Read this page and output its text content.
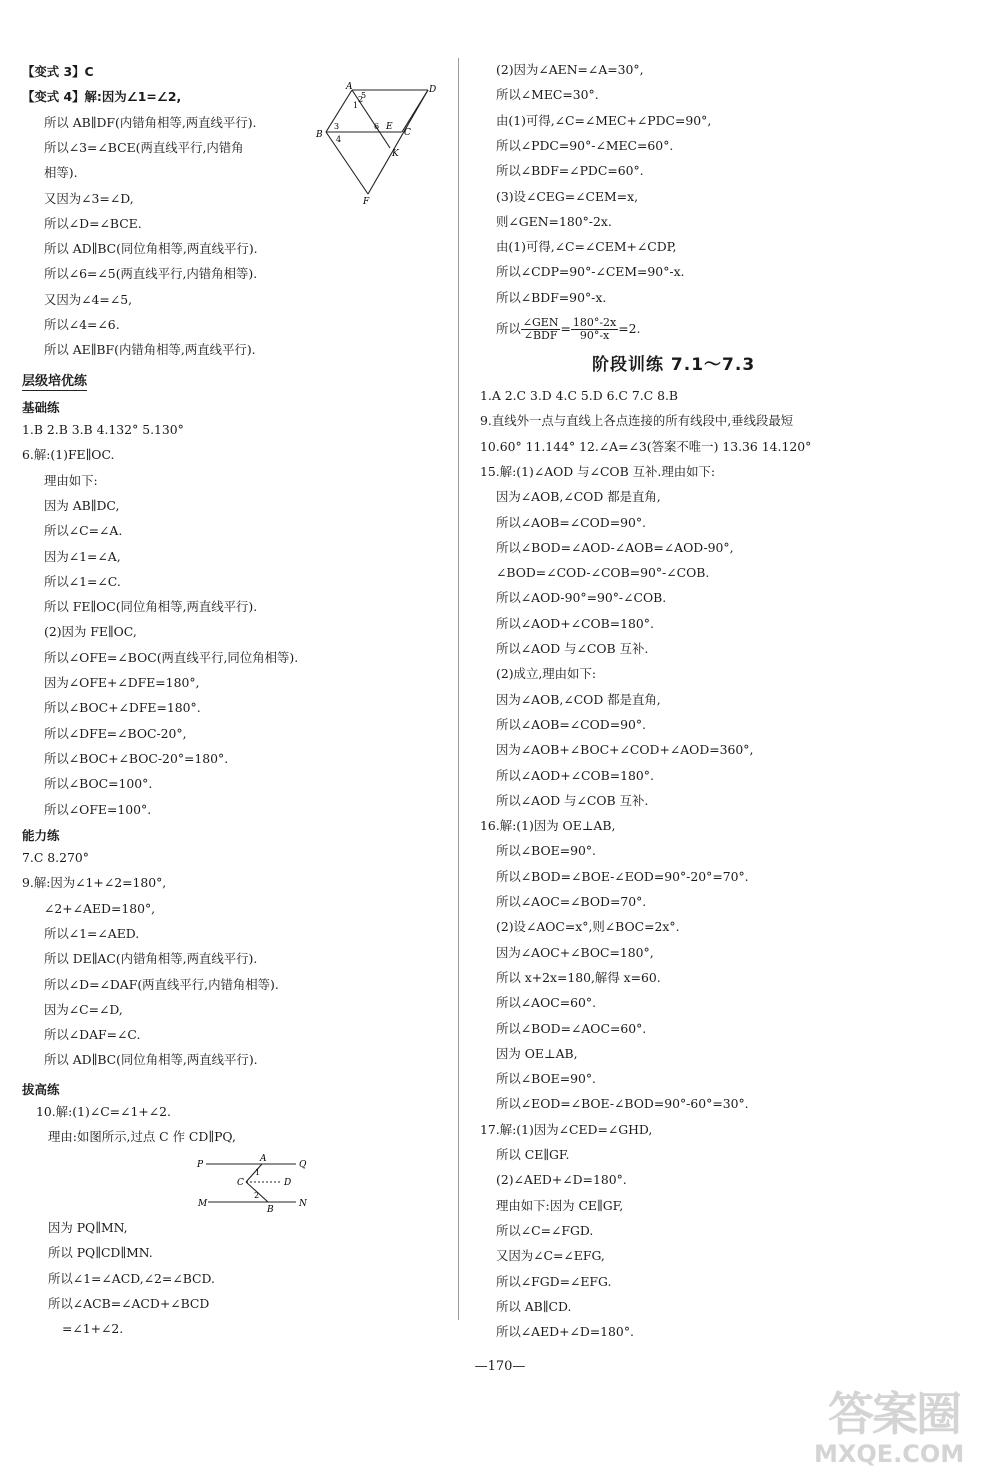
【变式 3】C
【变式 4】解:因为∠1=∠2,
所以 AB∥DF(内错角相等,两直线平行).
所以∠3=∠BCE(两直线平行,内错角
相等).
又因为∠3=∠D,
所以∠D=∠BCE.
所以 AD∥BC(同位角相等,两直线平行).
所以∠6=∠5(两直线平行,内错角相等).
又因为∠4=∠5,
所以∠4=∠6.
所以 AE∥BF(内错角相等,两直线平行).
层级培优练
基础练
1.B 2.B 3.B 4.132° 5.130°
6.解:(1)FE∥OC.
理由如下:
因为 AB∥DC,
所以∠C=∠A.
因为∠1=∠A,
所以∠1=∠C.
所以 FE∥OC(同位角相等,两直线平行).
(2)因为 FE∥OC,
所以∠OFE=∠BOC(两直线平行,同位角相等).
因为∠OFE+∠DFE=180°,
所以∠BOC+∠DFE=180°.
所以∠DFE=∠BOC-20°,
所以∠BOC+∠BOC-20°=180°.
所以∠BOC=100°.
所以∠OFE=100°.
能力练
7.C 8.270°
9.解:因为∠1+∠2=180°,
∠2+∠AED=180°,
所以∠1=∠AED.
所以 DE∥AC(内错角相等,两直线平行).
所以∠D=∠DAF(两直线平行,内错角相等).
因为∠C=∠D,
所以∠DAF=∠C.
所以 AD∥BC(同位角相等,两直线平行).
拔高练
10.解:(1)∠C=∠1+∠2.
理由:如图所示,过点 C 作 CD∥PQ,
因为 PQ∥MN,
所以 PQ∥CD∥MN.
所以∠1=∠ACD,∠2=∠BCD.
所以∠ACB=∠ACD+∠BCD
=∠1+∠2.
(2)因为∠AEN=∠A=30°,
所以∠MEC=30°.
由(1)可得,∠C=∠MEC+∠PDC=90°,
所以∠PDC=90°-∠MEC=60°.
所以∠BDF=∠PDC=60°.
(3)设∠CEG=∠CEM=x,
则∠GEN=180°-2x.
由(1)可得,∠C=∠CEM+∠CDP,
所以∠CDP=90°-∠CEM=90°-x.
所以∠BDF=90°-x.
所以 $\frac{\text{∠GEN}}{\text{∠BDF}} = \frac{180^\circ-2x}{90^\circ-x} =2$.
阶段训练 7.1～7.3
1.A 2.C 3.D 4.C 5.D 6.C 7.C 8.B
9.直线外一点与直线上各点连接的所有线段中,垂线段最短
10.60° 11.144° 12.∠A=∠3(答案不唯一) 13.36 14.120°
15.解:(1)∠AOD 与∠COB 互补.理由如下:
因为∠AOB,∠COD 都是直角,
所以∠AOB=∠COD=90°.
所以∠BOD=∠AOD-∠AOB=∠AOD-90°,
∠BOD=∠COD-∠COB=90°-∠COB.
所以∠AOD-90°=90°-∠COB.
所以∠AOD+∠COB=180°.
所以∠AOD 与∠COB 互补.
(2)成立,理由如下:
因为∠AOB,∠COD 都是直角,
所以∠AOB=∠COD=90°.
因为∠AOB+∠BOC+∠COD+∠AOD=360°,
所以∠AOD+∠COB=180°.
所以∠AOD 与∠COB 互补.
16.解:(1)因为 OE⊥AB,
所以∠BOE=90°.
所以∠BOD=∠BOE-∠EOD=90°-20°=70°.
所以∠AOC=∠BOD=70°.
(2)设∠AOC=x°,则∠BOC=2x°.
因为∠AOC+∠BOC=180°,
所以 x+2x=180,解得 x=60.
所以∠AOC=60°.
所以∠BOD=∠AOC=60°.
因为 OE⊥AB,
所以∠BOE=90°.
所以∠EOD=∠BOE-∠BOD=90°-60°=30°.
17.解:(1)因为∠CED=∠GHD,
所以 CE∥GF.
(2)∠AED+∠D=180°.
理由如下:因为 CE∥GF,
所以∠C=∠FGD.
又因为∠C=∠EFG,
所以∠FGD=∠EFG.
所以 AB∥CD.
所以∠AED+∠D=180°.
A	D
B	C
E
F
K
1
2
3
4
5
6
P
A
Q
C	D
M
B
N
1
2
—170—
答案圈
MXQE.COM
